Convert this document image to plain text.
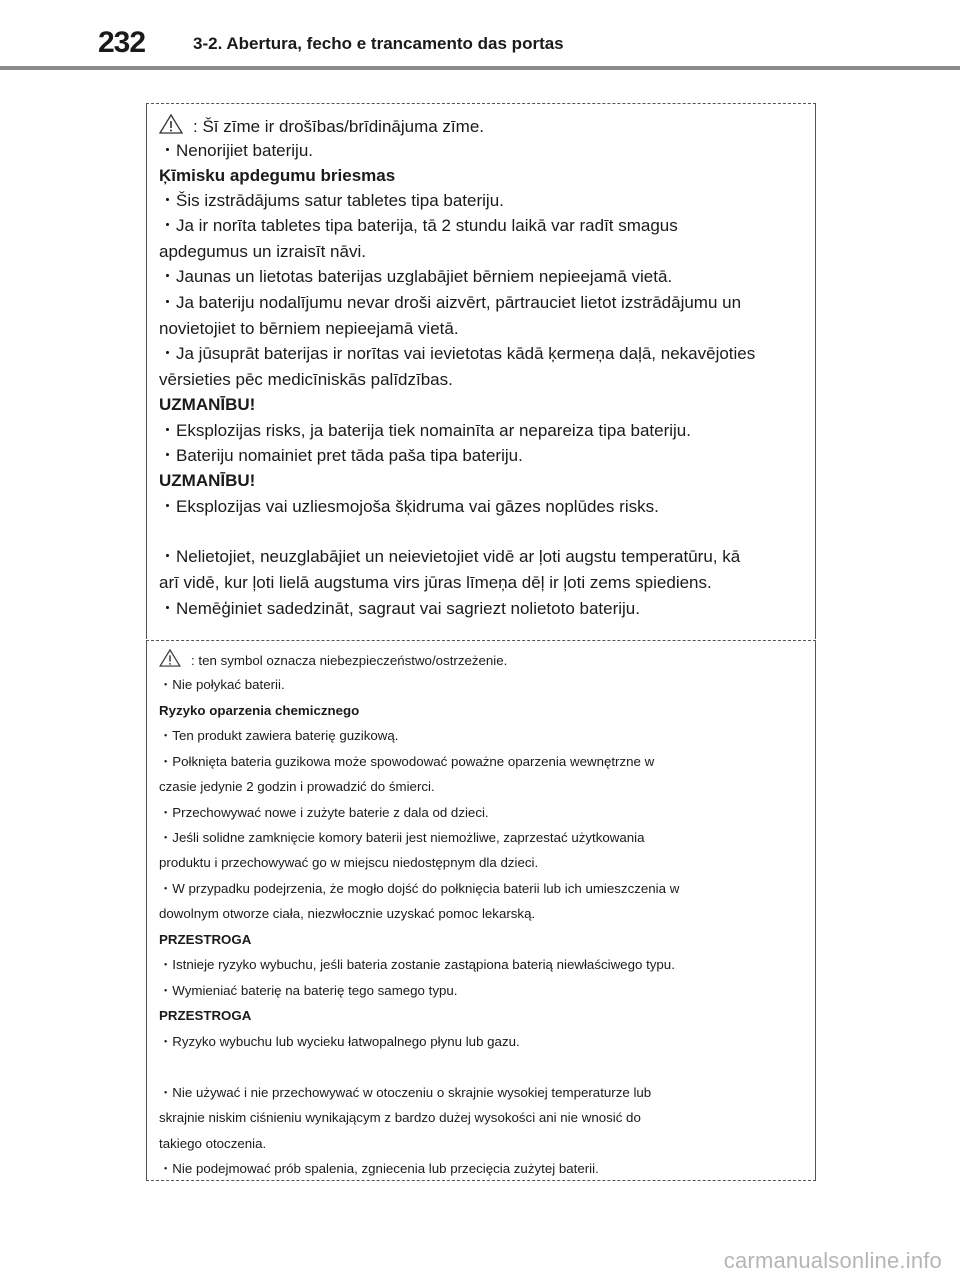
232	3-2. Abertura, fecho e trancamento das portas
: Šī zīme ir drošības/brīdinājuma zīme.
・Nenorijiet bateriju.
Ķīmisku apdegumu briesmas
・Šis izstrādājums satur tabletes tipa bateriju.
・Ja ir norīta tabletes tipa baterija, tā 2 stundu laikā var radīt smagus
apdegumus un izraisīt nāvi.
・Jaunas un lietotas baterijas uzglabājiet bērniem nepieejamā vietā.
・Ja bateriju nodalījumu nevar droši aizvērt, pārtrauciet lietot izstrādājumu un
novietojiet to bērniem nepieejamā vietā.
・Ja jūsuprāt baterijas ir norītas vai ievietotas kādā ķermeņa daļā, nekavējoties
vērsieties pēc medicīniskās palīdzības.
UZMANĪBU!
・Eksplozijas risks, ja baterija tiek nomainīta ar nepareiza tipa bateriju.
・Bateriju nomainiet pret tāda paša tipa bateriju.
UZMANĪBU!
・Eksplozijas vai uzliesmojoša šķidruma vai gāzes noplūdes risks.
・Nelietojiet, neuzglabājiet un neievietojiet vidē ar ļoti augstu temperatūru, kā
arī vidē, kur ļoti lielā augstuma virs jūras līmeņa dēļ ir ļoti zems spiediens.
・Nemēģiniet sadedzināt, sagraut vai sagriezt nolietoto bateriju.
: ten symbol oznacza niebezpieczeństwo/ostrzeżenie.
・Nie połykać baterii.
Ryzyko oparzenia chemicznego
・Ten produkt zawiera baterię guzikową.
・Połknięta bateria guzikowa może spowodować poważne oparzenia wewnętrzne w
czasie jedynie 2 godzin i prowadzić do śmierci.
・Przechowywać nowe i zużyte baterie z dala od dzieci.
・Jeśli solidne zamknięcie komory baterii jest niemożliwe, zaprzestać użytkowania
produktu i przechowywać go w miejscu niedostępnym dla dzieci.
・W przypadku podejrzenia, że mogło dojść do połknięcia baterii lub ich umieszczenia w
dowolnym otworze ciała, niezwłocznie uzyskać pomoc lekarską.
PRZESTROGA
・Istnieje ryzyko wybuchu, jeśli bateria zostanie zastąpiona baterią niewłaściwego typu.
・Wymieniać baterię na baterię tego samego typu.
PRZESTROGA
・Ryzyko wybuchu lub wycieku łatwopalnego płynu lub gazu.
・Nie używać i nie przechowywać w otoczeniu o skrajnie wysokiej temperaturze lub
skrajnie niskim ciśnieniu wynikającym z bardzo dużej wysokości ani nie wnosić do
takiego otoczenia.
・Nie podejmować prób spalenia, zgniecenia lub przecięcia zużytej baterii.
carmanualsonline.info
